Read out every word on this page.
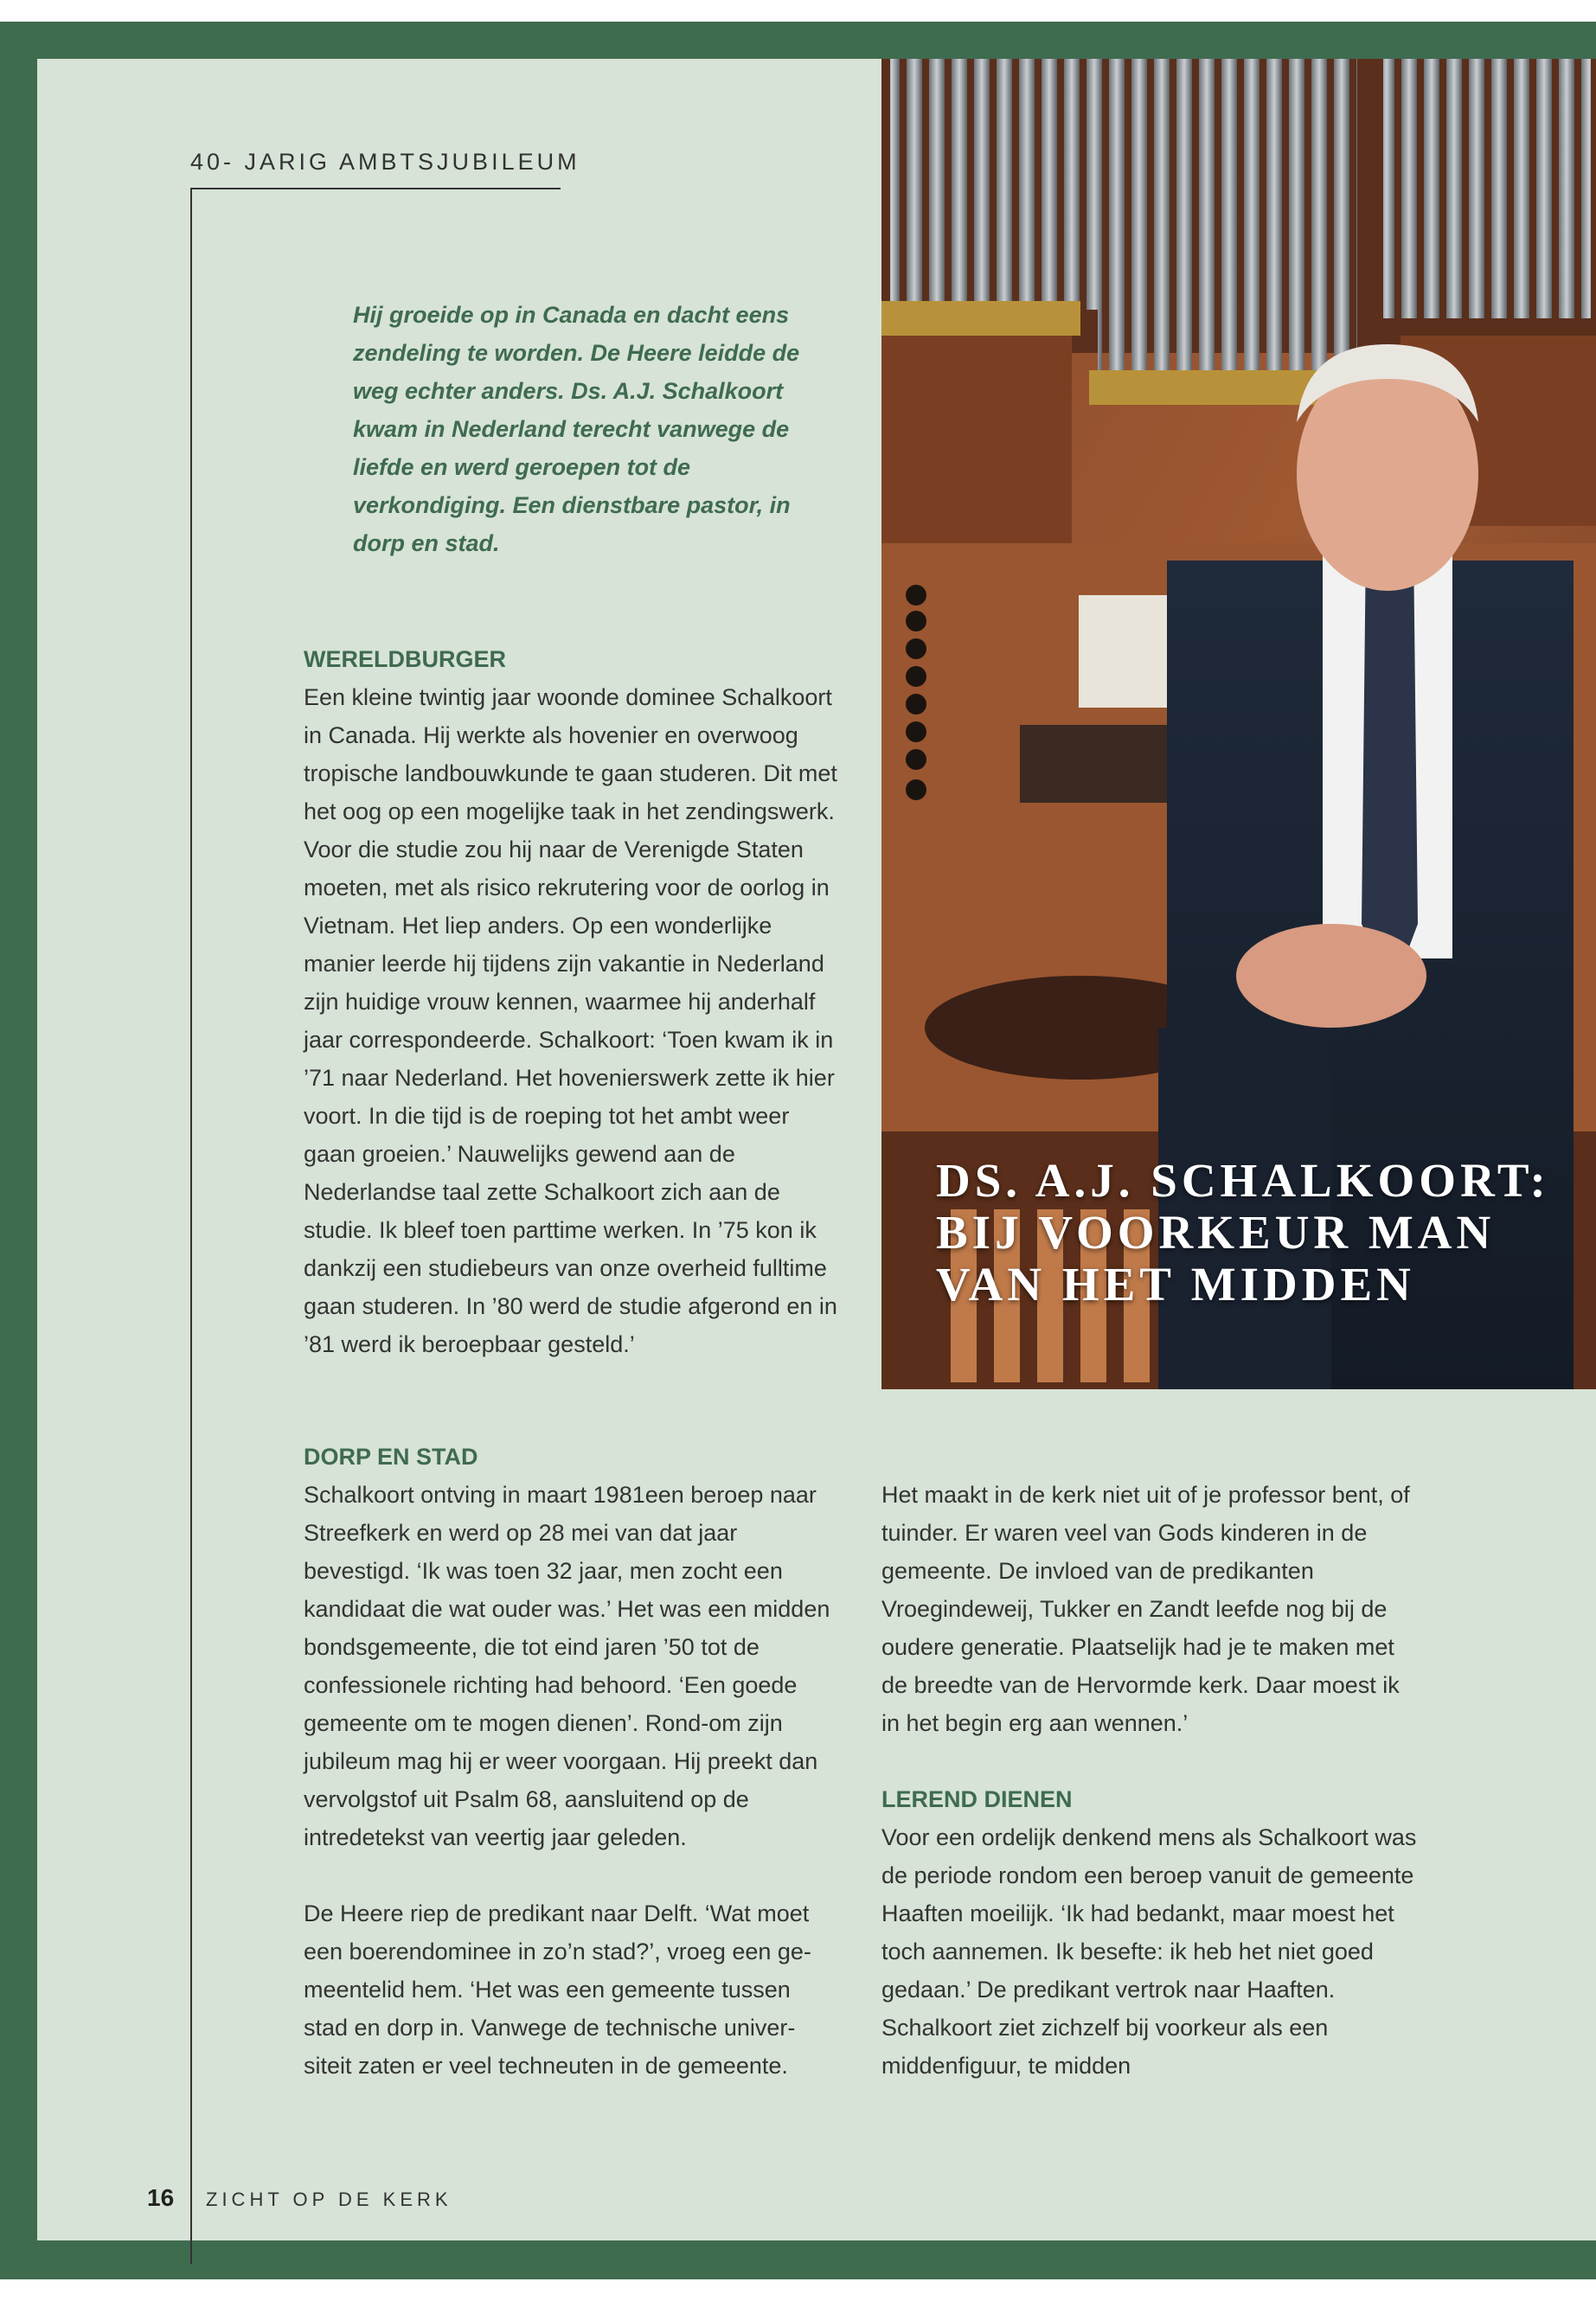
40- JARIG AMBTSJUBILEUM
Hij groeide op in Canada en dacht eens zendeling te worden. De Heere leidde de weg echter anders. Ds. A.J. Schalkoort kwam in Nederland terecht vanwege de liefde en werd geroepen tot de verkondiging. Een dienstbare pastor, in dorp en stad.
WERELDBURGER

Een kleine twintig jaar woonde dominee Schalkoort in Canada. Hij werkte als hovenier en overwoog tropische landbouwkunde te gaan studeren. Dit met het oog op een mogelijke taak in het zendingswerk. Voor die studie zou hij naar de Verenigde Staten moeten, met als risico rekrutering voor de oorlog in Vietnam. Het liep anders. Op een wonderlijke manier leerde hij tijdens zijn vakantie in Nederland zijn huidige vrouw kennen, waarmee hij anderhalf jaar correspondeerde. Schalkoort: ‘Toen kwam ik in ’71 naar Nederland. Het hovenierswerk zette ik hier voort. In die tijd is de roeping tot het ambt weer gaan groeien.’ Nauwelijks gewend aan de Nederlandse taal zette Schalkoort zich aan de studie. Ik bleef toen parttime werken. In ’75 kon ik dankzij een studiebeurs van onze overheid fulltime gaan studeren. In ’80 werd de studie afgerond en in ’81 werd ik beroepbaar gesteld.’

DORP EN STAD

Schalkoort ontving in maart 1981een beroep naar Streefkerk en werd op 28 mei van dat jaar bevestigd. ‘Ik was toen 32 jaar, men zocht een kandidaat die wat ouder was.’ Het was een midden bondsgemeente, die tot eind jaren ’50 tot de confessionele richting had behoord. ‘Een goede gemeente om te mogen dienen’. Rond-om zijn jubileum mag hij er weer voorgaan. Hij preekt dan vervolgstof uit Psalm 68, aansluitend op de intredetekst van veertig jaar geleden.

De Heere riep de predikant naar Delft. ‘Wat moet een boerendominee in zo’n stad?’, vroeg een ge-meentelid hem. ‘Het was een gemeente tussen stad en dorp in. Vanwege de technische univer-siteit zaten er veel techneuten in de gemeente.

Het maakt in de kerk niet uit of je professor bent, of tuinder. Er waren veel van Gods kinderen in de gemeente. De invloed van de predikanten Vroegindeweij, Tukker en Zandt leefde nog bij de oudere generatie. Plaatselijk had je te maken met de breedte van de Hervormde kerk. Daar moest ik in het begin erg aan wennen.’

LEREND DIENEN

Voor een ordelijk denkend mens als Schalkoort was de periode rondom een beroep vanuit de gemeente Haaften moeilijk. ‘Ik had bedankt, maar moest het toch aannemen. Ik besefte: ik heb het niet goed gedaan.’ De predikant vertrok naar Haaften. Schalkoort ziet zichzelf bij voorkeur als een middenfiguur, te midden

DS. A.J. SCHALKOORT:
BIJ VOORKEUR MAN
VAN HET MIDDEN
16 ZICHT OP DE KERK
